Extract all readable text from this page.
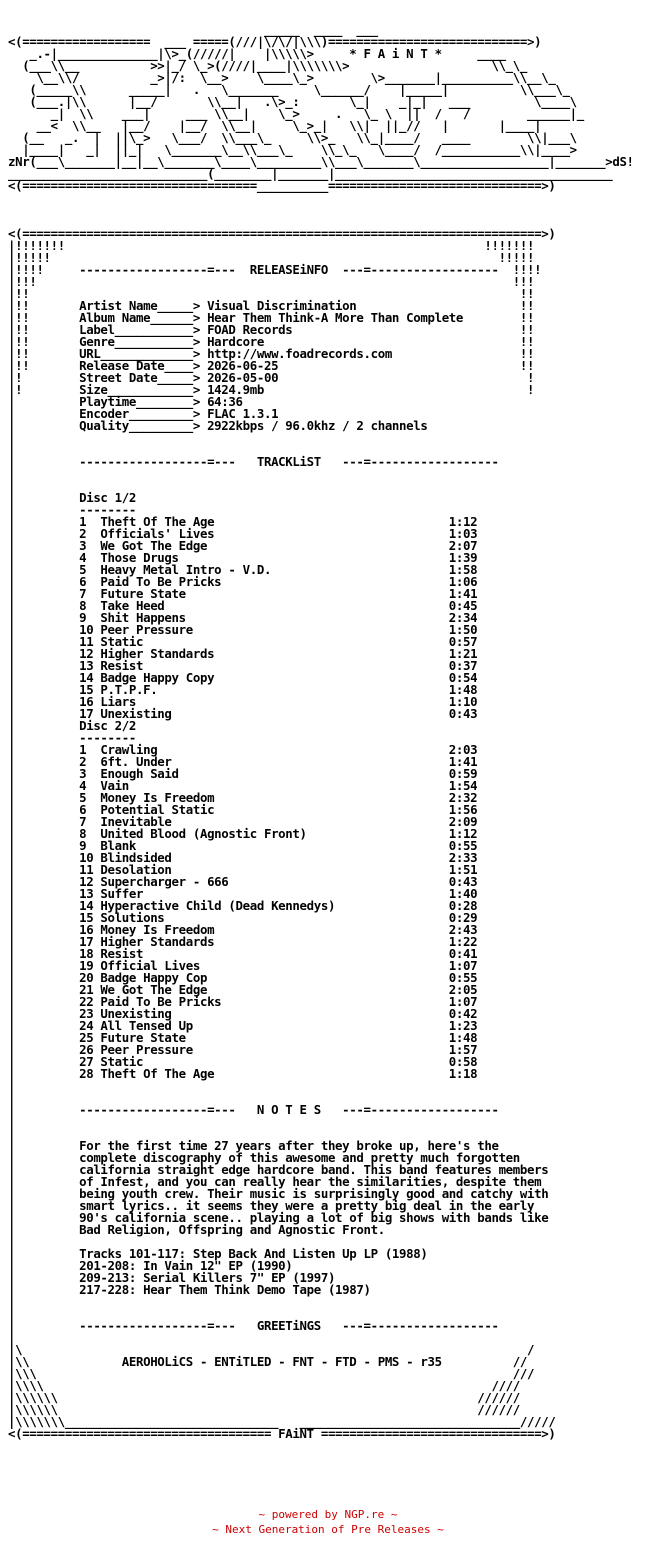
_____  ____  ___
<(==================  ___ =====(///|\/\/|\\\)============================>)
_.-|______________|\>_(/////|    |\\\\\>     * F A i N T *     ____
(___\\__          >>|_/ \_>(////|____|\\\\\\\>                    \\_\_
\__\\/          _>|/:  \__>    \____\_>        \>_______|__________\\__\_
(_____\\      _____|   .   \_______     \______/    |_____|          \\___\_
(___.|\\      |__/       \\__|   .\>_:       \_|    _|_|   ___         \____\
_|  \\    ___|     ___ \\__|    \_>     .   \_ \  ||  /   /        ______|_
__<  \\__   |__/    |__/  \\__|     \_>_|   \\|  ||_//   |       |____|
(__   _.  |  ||\_>   \___/  \\___\_     \\>_   \\_|____/   ____        \\|___\
|____|   _|  ||_|   \_______\__\\___\_    \\_\_   \____/  /___________\\|____>
zNr(___\_______|__|__\_______\____\_________\\___\_______\__________________|_______>dS!
____________________________(________|_______|_______________________________________
<(=================================__________==============================>)

<(=========================================================================>)
|!!!!!!!                                                           !!!!!!!
|!!!!!                                                               !!!!!
|!!!!     ------------------=---  RELEASEiNFO  ---=------------------  !!!!
|!!!                                                                   !!!
|!!                                                                     !!
|!!       Artist Name_____> Visual Discrimination                       !!
|!!       Album Name______> Hear Them Think-A More Than Complete        !!
|!!       Label___________> FOAD Records                                !!
|!!       Genre___________> Hardcore                                    !!
|!!       URL_____________> http://www.foadrecords.com                  !!
|!!       Release Date____> 2026-06-25                                  !!
|!        Street Date_____> 2026-05-00                                   !
|!        Size____________> 1424.9mb                                     !
|         Playtime________> 64:36
|         Encoder_________> FLAC 1.3.1
|         Quality_________> 2922kbps / 96.0khz / 2 channels
|
|
|         ------------------=---   TRACKLiST   ---=------------------
|
|
|         Disc 1/2
|         --------
|         1  Theft Of The Age                                 1:12
|         2  Officials' Lives                                 1:03
|         3  We Got The Edge                                  2:07
|         4  Those Drugs                                      1:39
|         5  Heavy Metal Intro - V.D.                         1:58
|         6  Paid To Be Pricks                                1:06
|         7  Future State                                     1:41
|         8  Take Heed                                        0:45
|         9  Shit Happens                                     2:34
|         10 Peer Pressure                                    1:50
|         11 Static                                           0:57
|         12 Higher Standards                                 1:21
|         13 Resist                                           0:37
|         14 Badge Happy Copy                                 0:54
|         15 P.T.P.F.                                         1:48
|         16 Liars                                            1:10
|         17 Unexisting                                       0:43
|         Disc 2/2
|         --------
|         1  Crawling                                         2:03
|         2  6ft. Under                                       1:41
|         3  Enough Said                                      0:59
|         4  Vain                                             1:54
|         5  Money Is Freedom                                 2:32
|         6  Potential Static                                 1:56
|         7  Inevitable                                       2:09
|         8  United Blood (Agnostic Front)                    1:12
|         9  Blank                                            0:55
|         10 Blindsided                                       2:33
|         11 Desolation                                       1:51
|         12 Supercharger - 666                               0:43
|         13 Suffer                                           1:40
|         14 Hyperactive Child (Dead Kennedys)                0:28
|         15 Solutions                                        0:29
|         16 Money Is Freedom                                 2:43
|         17 Higher Standards                                 1:22
|         18 Resist                                           0:41
|         19 Official Lives                                   1:07
|         20 Badge Happy Cop                                  0:55
|         21 We Got The Edge                                  2:05
|         22 Paid To Be Pricks                                1:07
|         23 Unexisting                                       0:42
|         24 All Tensed Up                                    1:23
|         25 Future State                                     1:48
|         26 Peer Pressure                                    1:57
|         27 Static                                           0:58
|         28 Theft Of The Age                                 1:18
|
|
|         ------------------=---   N O T E S   ---=------------------
|
|
|         For the first time 27 years after they broke up, here's the
|         complete discography of this awesome and pretty much forgotten
|         california straight edge hardcore band. This band features members
|         of Infest, and you can really hear the similarities, despite them
|         being youth crew. Their music is surprisingly good and catchy with
|         smart lyrics.. it seems they were a pretty big deal in the early
|         90's california scene.. playing a lot of big shows with bands like
|         Bad Religion, Offspring and Agnostic Front.
|
|         Tracks 101-117: Step Back And Listen Up LP (1988)
|         201-208: In Vain 12" EP (1990)
|         209-213: Serial Killers 7" EP (1997)
|         217-228: Hear Them Think Demo Tape (1987)
|
|
|         ------------------=---   GREETiNGS   ---=------------------
|
|\                                                                       /
|\\             AEROHOLiCS - ENTiTLED - FNT - FTD - PMS - r35          //
|\\\                                                                   ///
|\\\\                                                               ////
|\\\\\\                                                           //////
|\\\\\\                                                           //////
|\\\\\\\______________________________   _______________________________/////
<(=================================== FAiNT ===============================>)
~ powered by NGP.re ~
~ Next Generation of Pre Releases ~
